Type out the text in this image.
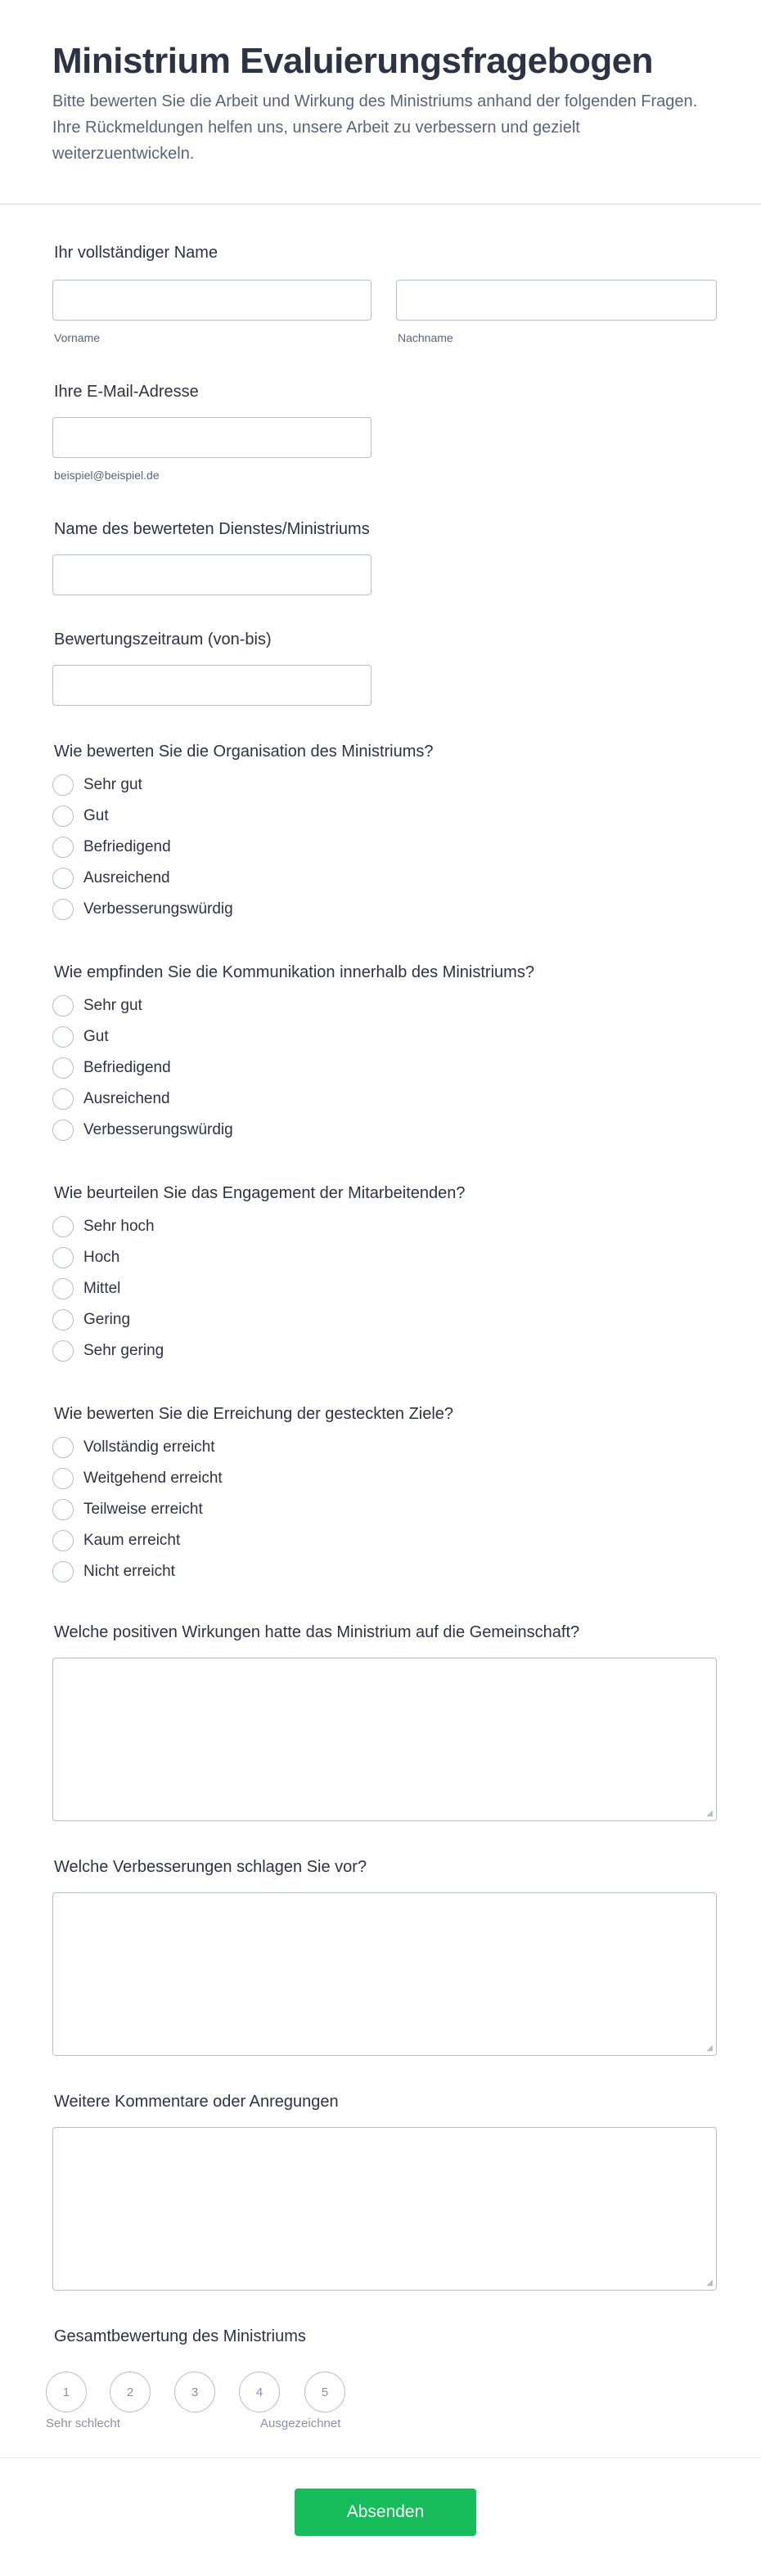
Ministrium Evaluierungsfragebogen

Bitte bewerten Sie die Arbeit und Wirkung des Ministriums anhand der folgenden Fragen. Ihre Rückmeldungen helfen uns, unsere Arbeit zu verbessern und gezielt weiterzuentwickeln.

Ihr vollständiger Name
Vorname	Nachname
Ihre E-Mail-Adresse
beispiel@beispiel.de
Name des bewerteten Dienstes/Ministriums
Bewertungszeitraum (von-bis)
Wie bewerten Sie die Organisation des Ministriums?
Sehr gut
Gut
Befriedigend
Ausreichend
Verbesserungswürdig
Wie empfinden Sie die Kommunikation innerhalb des Ministriums?
Sehr gut
Gut
Befriedigend
Ausreichend
Verbesserungswürdig
Wie beurteilen Sie das Engagement der Mitarbeitenden?
Sehr hoch
Hoch
Mittel
Gering
Sehr gering
Wie bewerten Sie die Erreichung der gesteckten Ziele?
Vollständig erreicht
Weitgehend erreicht
Teilweise erreicht
Kaum erreicht
Nicht erreicht
Welche positiven Wirkungen hatte das Ministrium auf die Gemeinschaft?
◢
Welche Verbesserungen schlagen Sie vor?
◢
Weitere Kommentare oder Anregungen
◢
Gesamtbewertung des Ministriums
1	2	3	4	5
Sehr schlecht	Ausgezeichnet
Absenden
